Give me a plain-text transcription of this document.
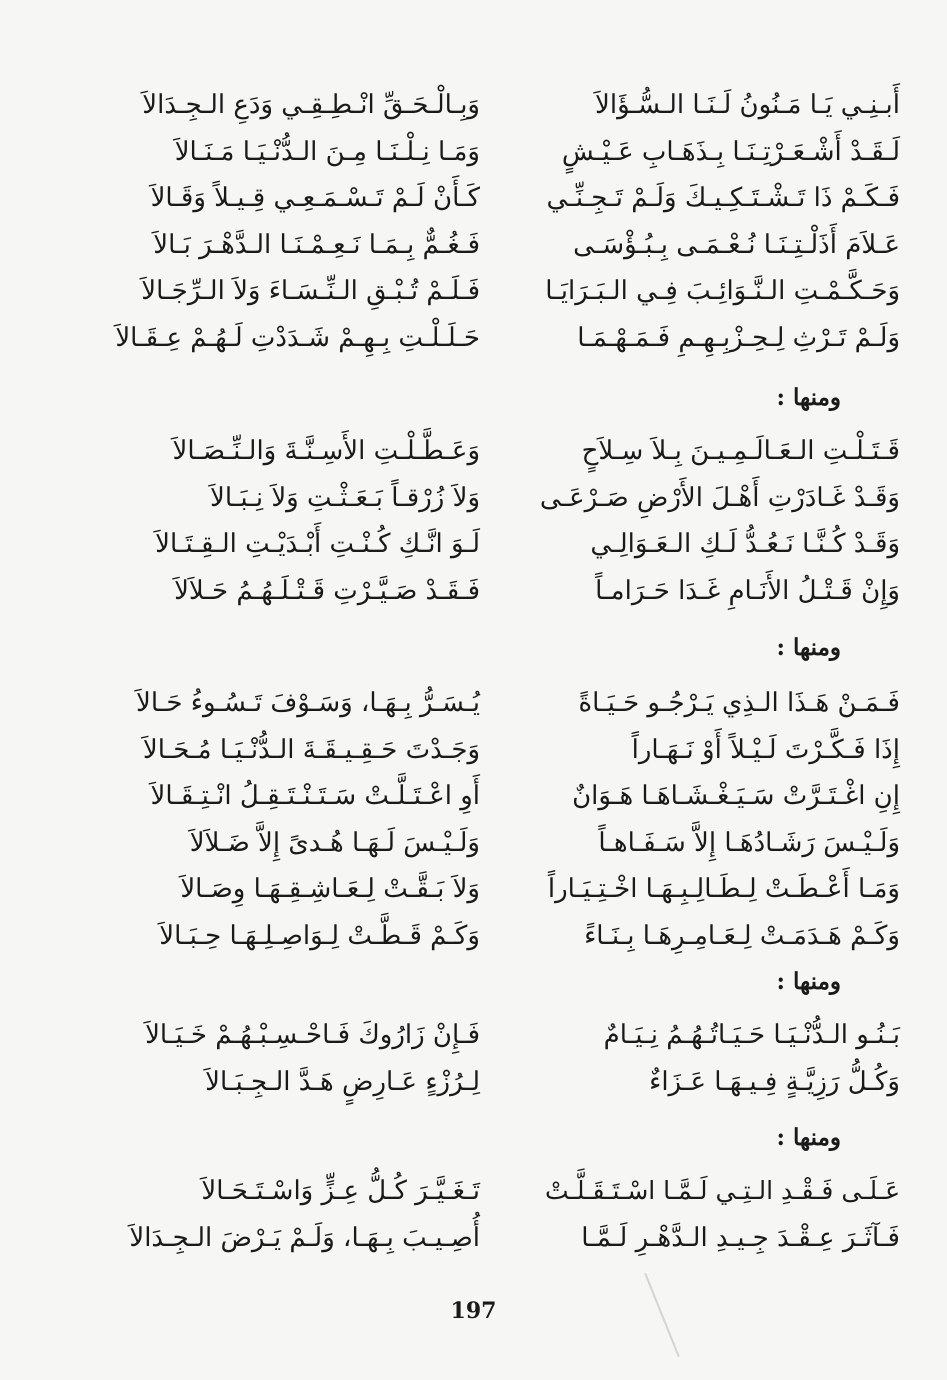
أَبـنِـي يَـا مَـنُونُ لَـنَـا الـسُّـؤَالاَ
وَبِـالْـحَـقِّ انْـطِـقِـي وَدَعِ الـجِـدَالاَ
لَـقَـدْ أَشْـعَـرْتِـنَـا بِـذَهَـابِ عَـيْـشٍ
وَمَـا نِـلْـنَـا مِـنَ الـدُّنْـيَـا مَـنَـالاَ
فَـكَـمْ ذَا تَـشْـتَـكِـيـكَ وَلَـمْ تَـجِـنِّـي
كَـأَنْ لَـمْ تَـسْـمَـعِـي قِـيـلاً وَقَـالاَ
عَـلاَمَ أَذَلْـتِـنَـا نُـعْـمَـى بِـبُـؤْسَـى
فَـغُـمٌّ بِـمَـا نَـعِـمْـنَـا الـدَّهْـرَ بَـالاَ
وَحَـكَّـمْـتِ الـنَّـوَائِـبَ فِـي الـبَـرَايَـا
فَـلَـمْ تُـبْـقِ الـنِّـسَـاءَ وَلاَ الـرِّجَـالاَ
وَلَـمْ تَـرْثِ لِـحِـزْبِـهِـمِ فَـمَـهْـمَـا
حَـلَـلْـتِ بِـهِـمْ شَـدَدْتِ لَـهُـمْ عِـقَـالاَ
ومنها :
قَـتَـلْـتِ الـعَـالَـمِـيـنَ بِـلاَ سِـلاَحٍ
وَعَـطَّـلْـتِ الأَسِـنَّـةَ وَالـنِّـصَـالاَ
وَقَـدْ غَـادَرْتِ أَهْـلَ الأَرْضِ صَـرْعَـى
وَلاَ زُرْقـاً بَـعَـثْـتِ وَلاَ نِـبَـالاَ
وَقَـدْ كُـنَّـا نَـعُـدُّ لَـكِ الـعَـوَالِـي
لَـوَ انَّـكِ كُـنْـتِ أَبْـدَيْـتِ الـقِـتَـالاَ
وَإِنْ قَـتْـلُ الأَنَـامِ غَـدَا حَـرَامـاً
فَـقَـدْ صَـيَّـرْتِ قَـتْـلَـهُـمُ حَـلاَلاَ
ومنها :
فَـمَـنْ هَـذَا الـذِي يَـرْجُـو حَـيَـاةً
يُـسَـرُّ بِـهَـا، وَسَـوْفَ تَـسُـوءُ حَـالاَ
إِذَا فَـكَّـرْتَ لَـيْـلاً أَوْ نَـهَـاراً
وَجَـدْتَ حَـقِـيـقَـةَ الـدُّنْـيَـا مُـحَـالاَ
إِنِ اغْـتَـرَّتْ سَـيَـغْـشَـاهَـا هَـوَانٌ
أَوِ اعْـتَـلَّـتْ سَـتَـنْـتَـقِـلُ انْـتِـقَـالاَ
وَلَـيْـسَ رَشَـادُهَـا إِلاَّ سَـفَـاهـاً
وَلَـيْـسَ لَـهَـا هُـدىً إِلاَّ ضَـلاَلاَ
وَمَـا أَعْـطَـتْ لِـطَـالِـبِـهَـا اخْـتِـيَـاراً
وَلاَ بَـقَّـتْ لِـعَـاشِـقِـهَـا وِصَـالاَ
وَكَـمْ هَـدَمَـتْ لِـعَـامِـرِهَـا بِـنَـاءً
وَكَـمْ قَـطَّـتْ لِـوَاصِـلِـهَـا حِـبَـالاَ
ومنها :
بَـنُـو الـدُّنْـيَـا حَـيَـاتُـهُـمُ نِـيَـامٌ
فَـإِنْ زَارُوكَ فَـاحْـسِـبْـهُـمْ خَـيَـالاَ
وَكُـلُّ رَزِيَّـةٍ فِـيـهَـا عَـزَاءٌ
لِـرُزْءٍ عَـارِضٍ هَـدَّ الـجِـبَـالاَ
ومنها :
عَـلَـى فَـقْـدِ الـتِـي لَـمَّـا اسْـتَـقَـلَّـتْ
تَـغَـيَّـرَ كُـلُّ عِـزٍّ وَاسْـتَـحَـالاَ
فَـآثَـرَ عِـقْـدَ جِـيـدِ الـدَّهْـرِ لَـمَّـا
أُصِـيـبَ بِـهَـا، وَلَـمْ يَـرْضَ الـجِـدَالاَ
197
